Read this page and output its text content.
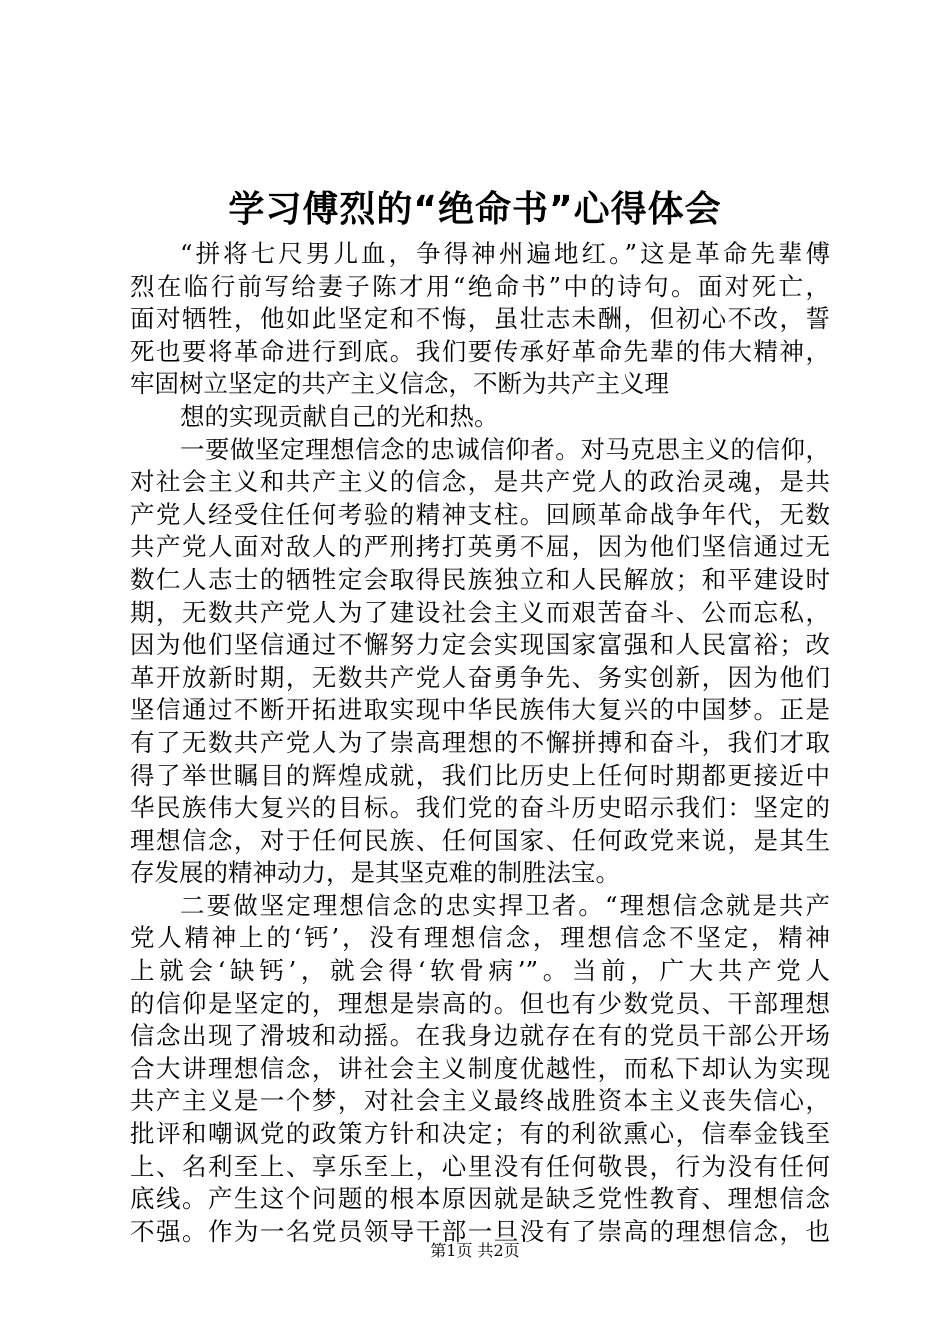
学习傅烈的“绝命书”心得体会
“拼将七尺男儿血，争得神州遍地红。”这是革命先辈傅
烈在临行前写给妻子陈才用“绝命书”中的诗句。面对死亡，
面对牺牲，他如此坚定和不悔，虽壮志未酬，但初心不改，誓
死也要将革命进行到底。我们要传承好革命先辈的伟大精神，
牢固树立坚定的共产主义信念，不断为共产主义理
想的实现贡献自己的光和热。
一要做坚定理想信念的忠诚信仰者。对马克思主义的信仰，
对社会主义和共产主义的信念，是共产党人的政治灵魂，是共
产党人经受住任何考验的精神支柱。回顾革命战争年代，无数
共产党人面对敌人的严刑拷打英勇不屈，因为他们坚信通过无
数仁人志士的牺牲定会取得民族独立和人民解放；和平建设时
期，无数共产党人为了建设社会主义而艰苦奋斗、公而忘私，
因为他们坚信通过不懈努力定会实现国家富强和人民富裕；改
革开放新时期，无数共产党人奋勇争先、务实创新，因为他们
坚信通过不断开拓进取实现中华民族伟大复兴的中国梦。正是
有了无数共产党人为了崇高理想的不懈拼搏和奋斗，我们才取
得了举世瞩目的辉煌成就，我们比历史上任何时期都更接近中
华民族伟大复兴的目标。我们党的奋斗历史昭示我们：坚定的
理想信念，对于任何民族、任何国家、任何政党来说，是其生
存发展的精神动力，是其坚克难的制胜法宝。
二要做坚定理想信念的忠实捍卫者。“理想信念就是共产
党人精神上的‘钙’，没有理想信念，理想信念不坚定，精神
上就会‘缺钙’，就会得‘软骨病’”。当前，广大共产党人
的信仰是坚定的，理想是崇高的。但也有少数党员、干部理想
信念出现了滑坡和动摇。在我身边就存在有的党员干部公开场
合大讲理想信念，讲社会主义制度优越性，而私下却认为实现
共产主义是一个梦，对社会主义最终战胜资本主义丧失信心，
批评和嘲讽党的政策方针和决定；有的利欲熏心，信奉金钱至
上、名利至上、享乐至上，心里没有任何敬畏，行为没有任何
底线。产生这个问题的根本原因就是缺乏党性教育、理想信念
不强。作为一名党员领导干部一旦没有了崇高的理想信念，也
第1页 共2页
